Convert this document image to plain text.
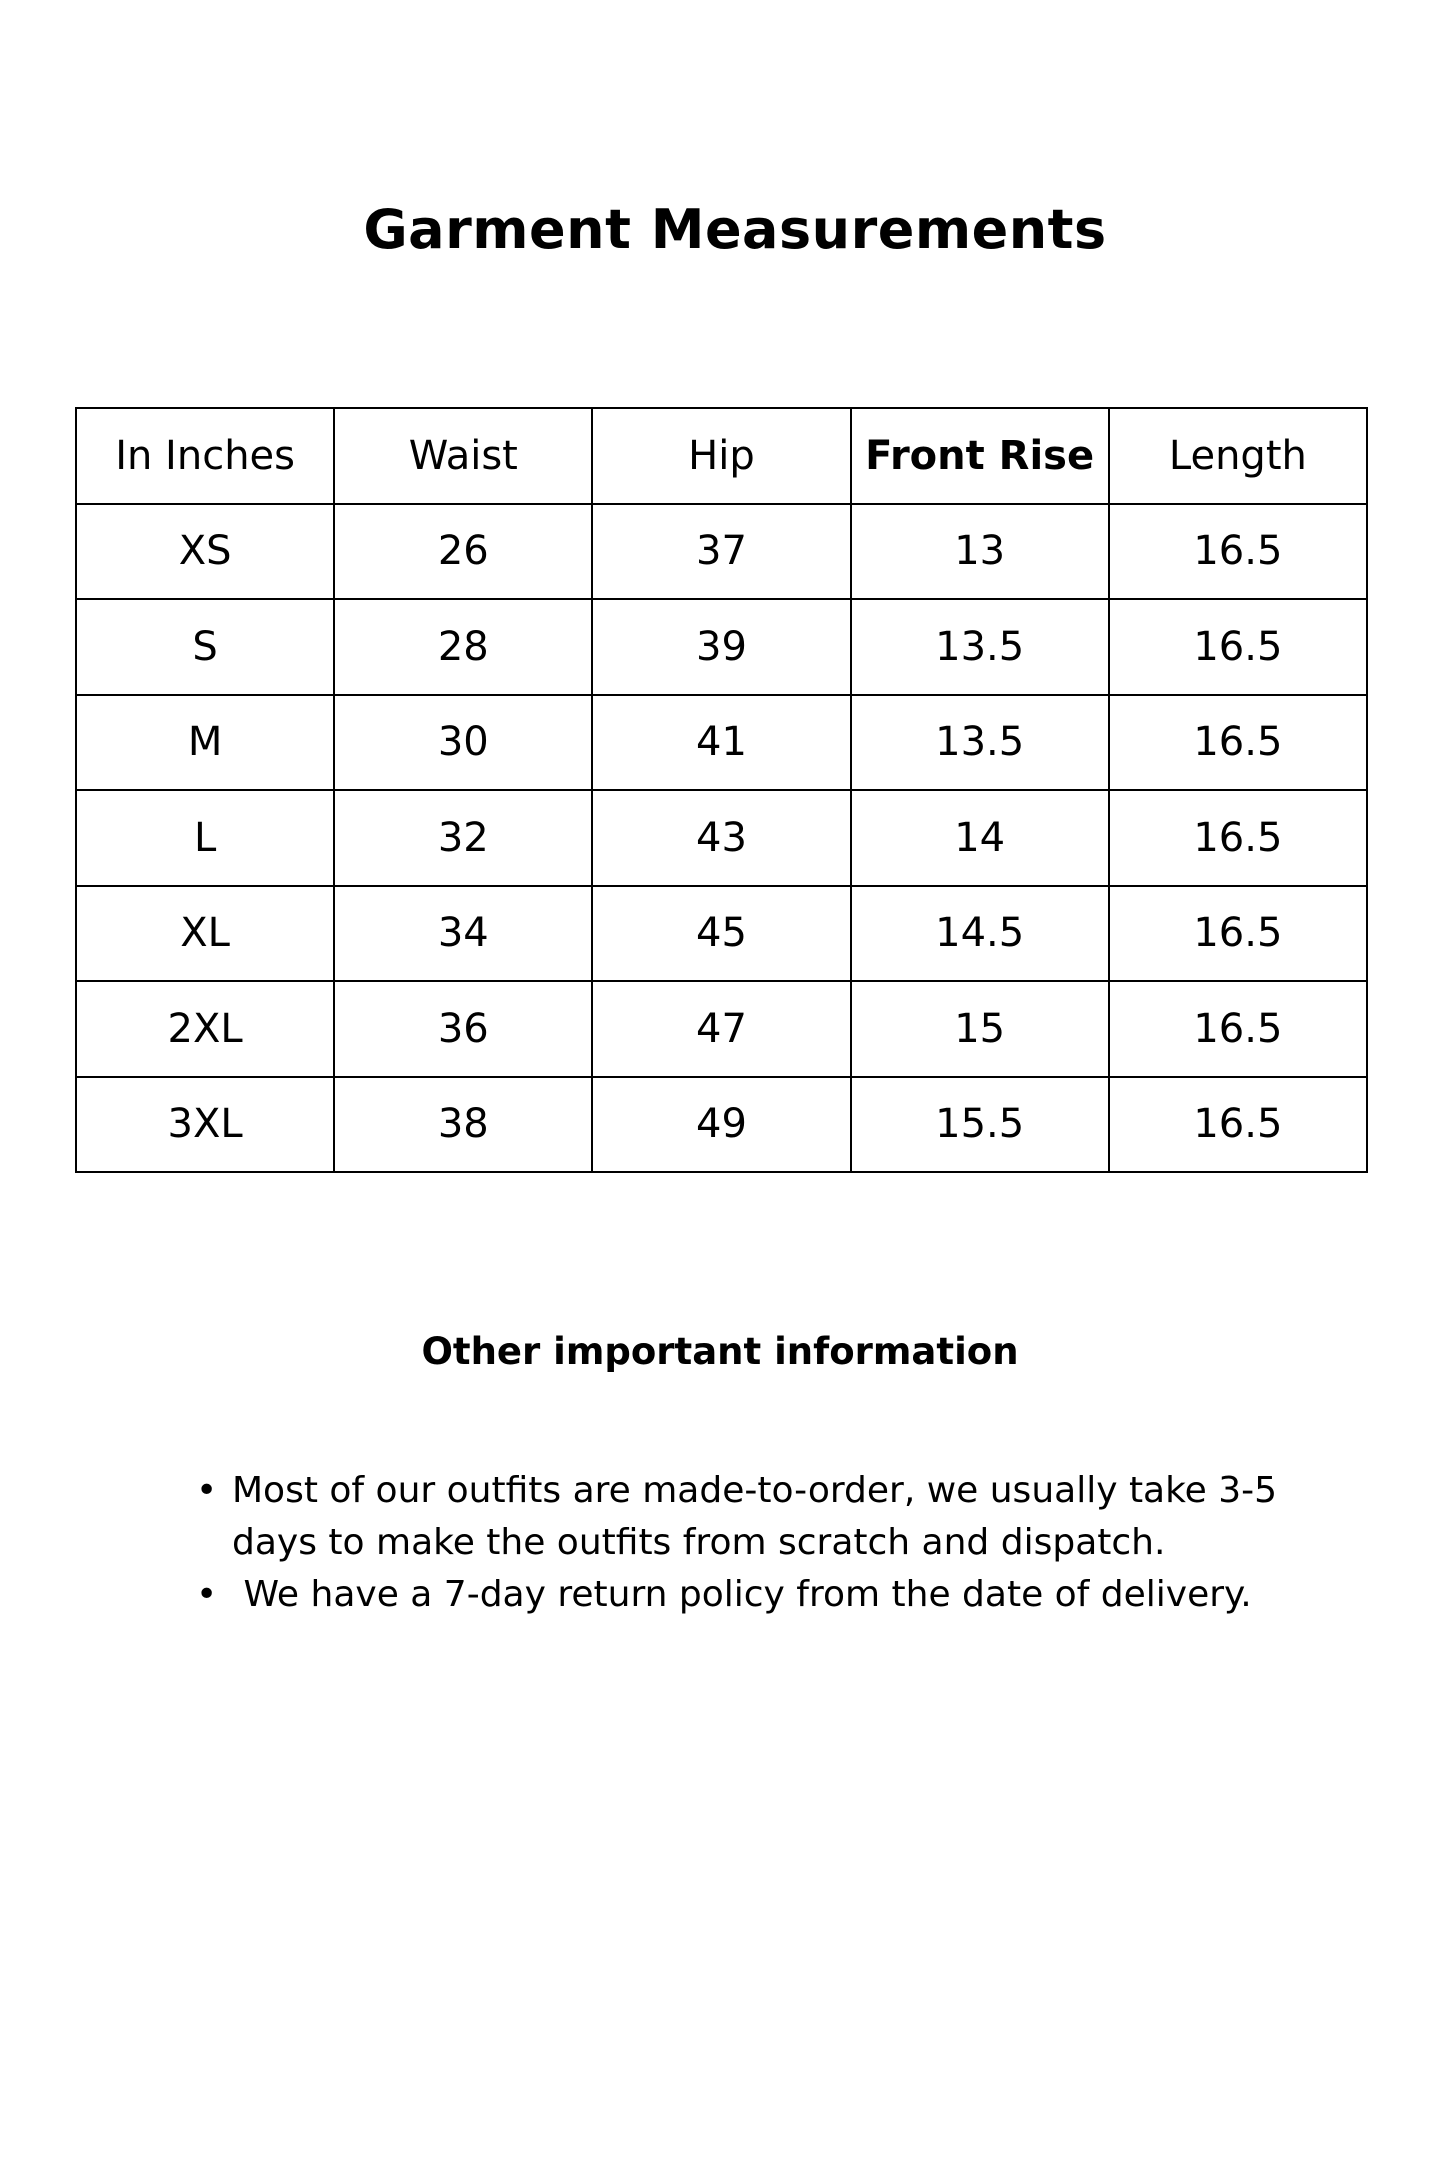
Garment Measurements
In Inches	Waist	Hip	Front Rise	Length
XS	26	37	13	16.5
S	28	39	13.5	16.5
M	30	41	13.5	16.5
L	32	43	14	16.5
XL	34	45	14.5	16.5
2XL	36	47	15	16.5
3XL	38	49	15.5	16.5
Other important information
• Most of our outfits are made-to-order, we usually take 3-5 days to make the outfits from scratch and dispatch.
• We have a 7-day return policy from the date of delivery.
